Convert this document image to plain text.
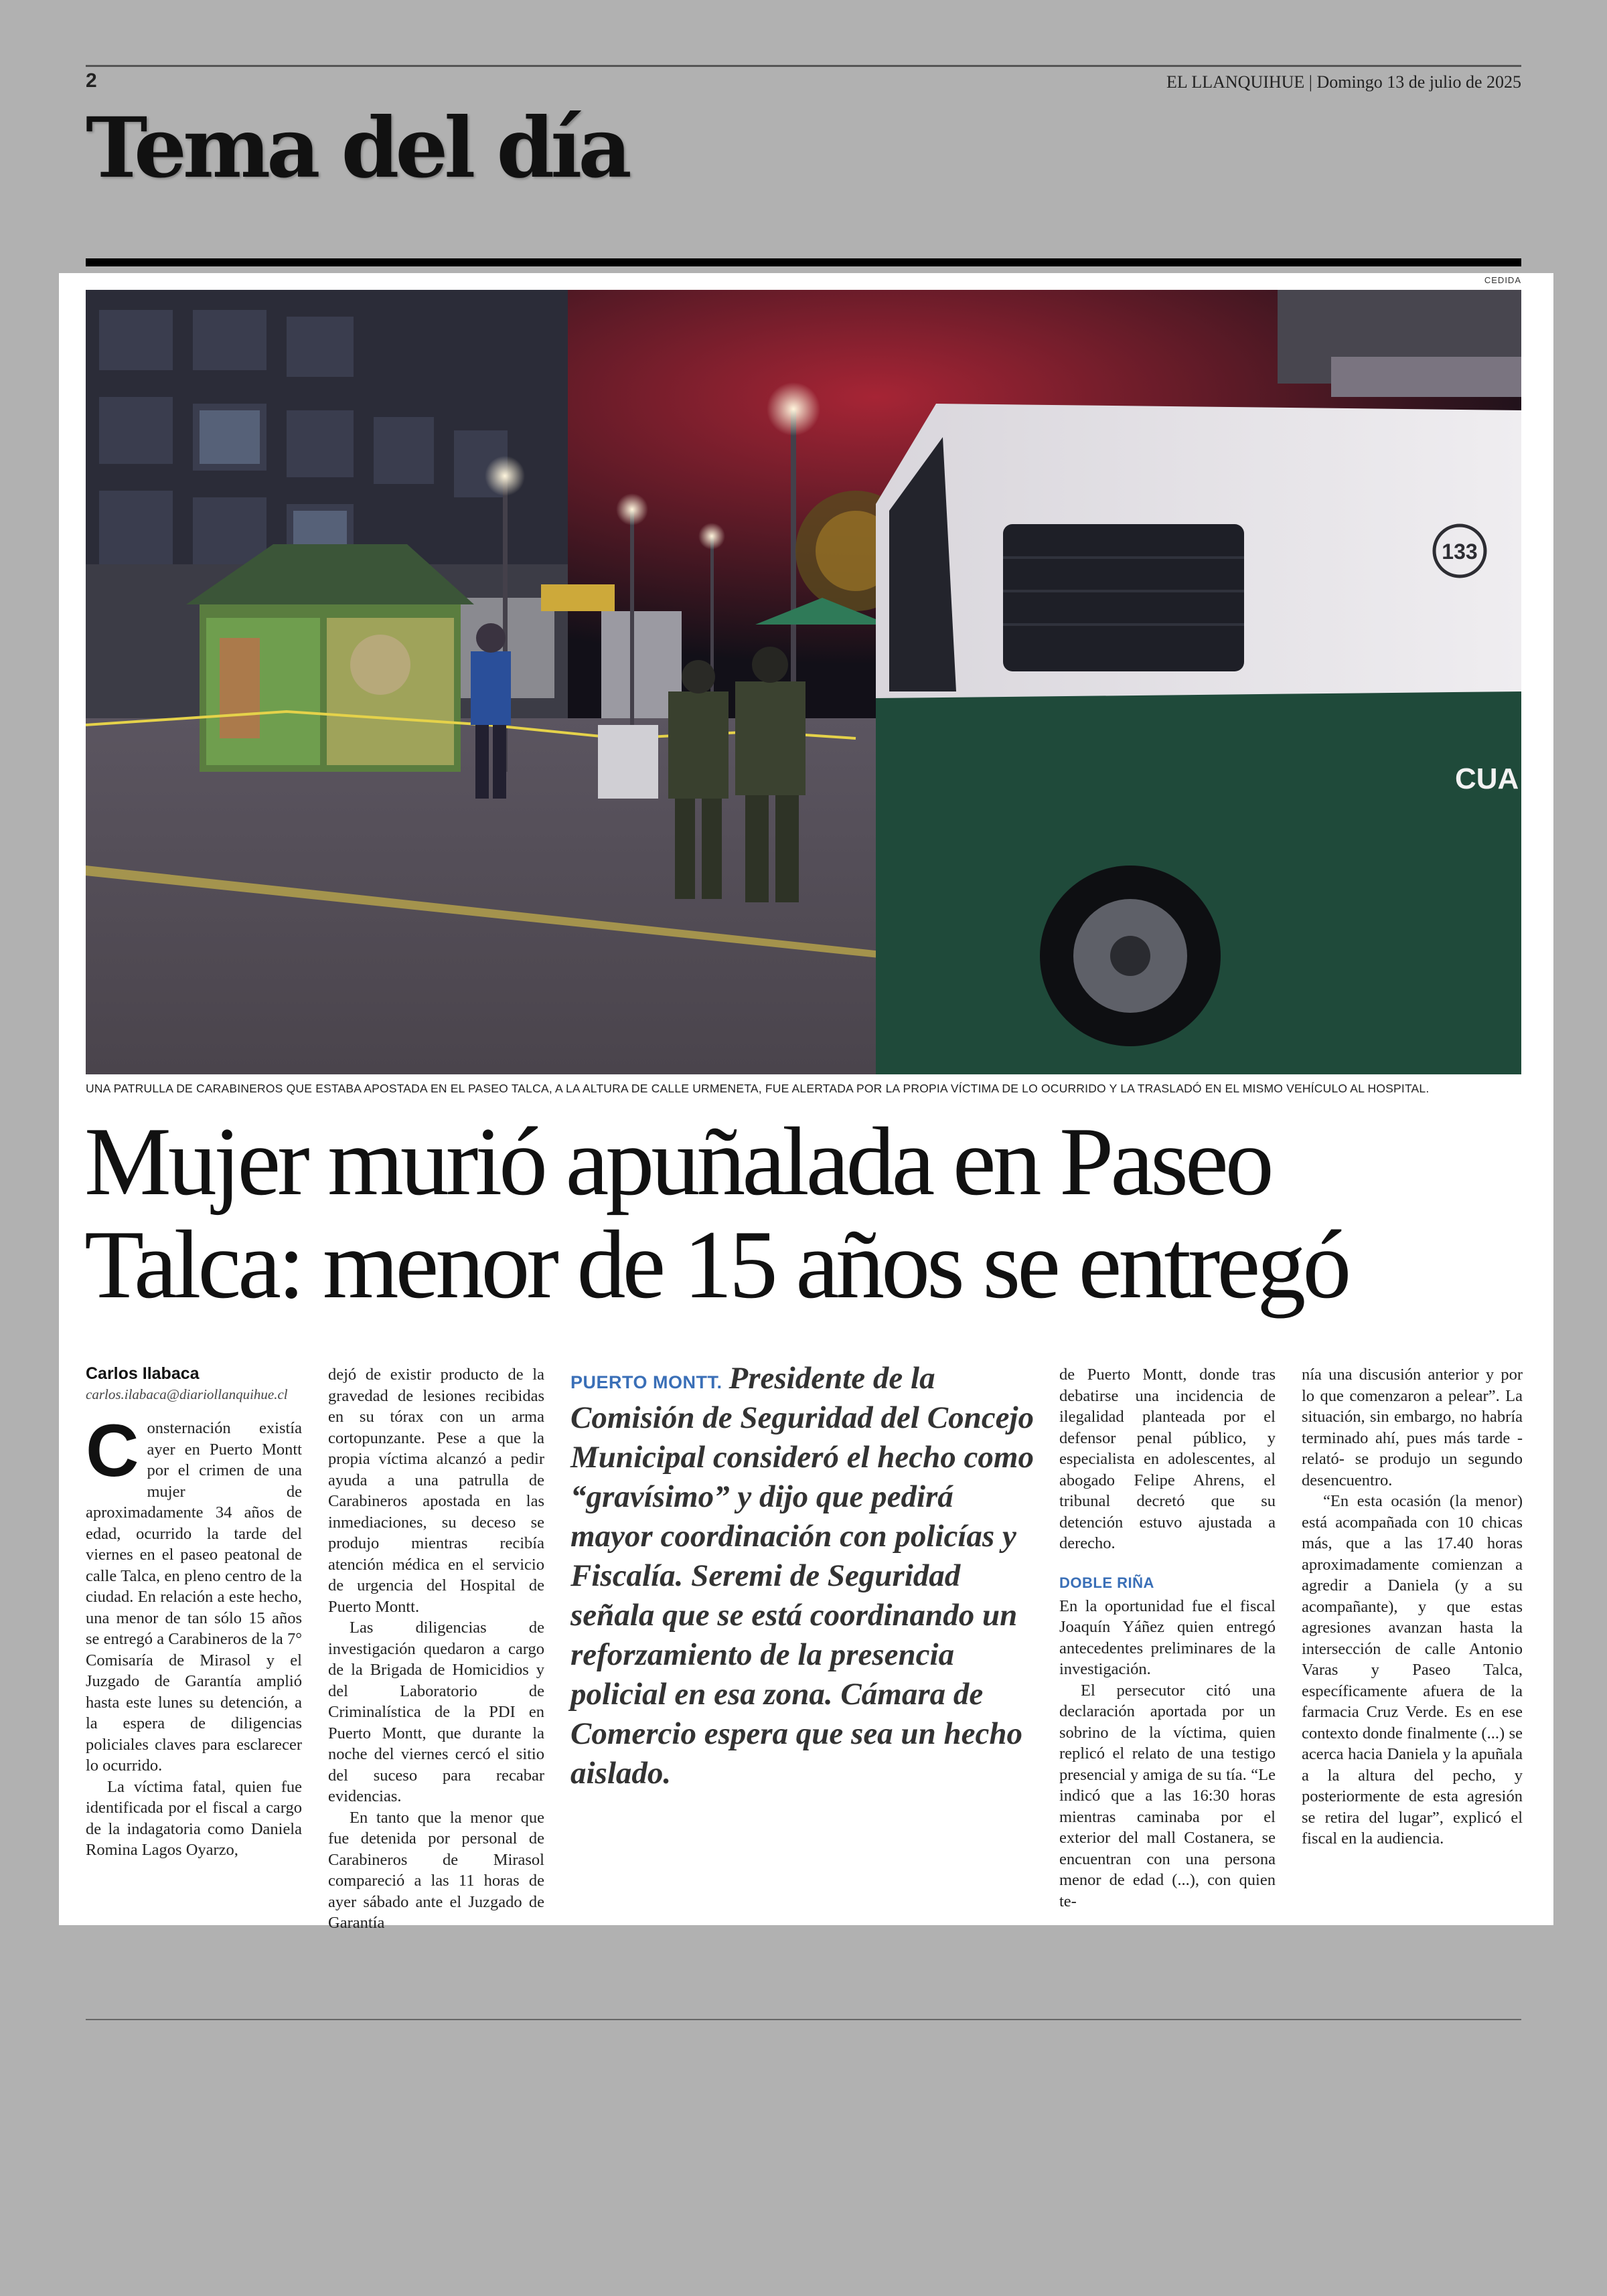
2	EL LLANQUIHUE | Domingo 13 de julio de 2025
Tema del día
CEDIDA
133
CUA
UNA PATRULLA DE CARABINEROS QUE ESTABA APOSTADA EN EL PASEO TALCA, A LA ALTURA DE CALLE URMENETA, FUE ALERTADA POR LA PROPIA VÍCTIMA DE LO OCURRIDO Y LA TRASLADÓ EN EL MISMO VEHÍCULO AL HOSPITAL.
Mujer murió apuñalada en Paseo
Talca: menor de 15 años se entregó
Carlos Ilabaca
carlos.ilabaca@diariollanquihue.cl

Consternación existía ayer en Puerto Montt por el crimen de una mujer de aproximadamente 34 años de edad, ocurrido la tarde del viernes en el paseo peatonal de calle Talca, en pleno centro de la ciudad. En relación a este hecho, una menor de tan sólo 15 años se entregó a Carabineros de la 7° Comisaría de Mirasol y el Juzgado de Garantía amplió hasta este lunes su detención, a la espera de diligencias policiales claves para esclarecer lo ocurrido.

La víctima fatal, quien fue identificada por el fiscal a cargo de la indagatoria como Daniela Romina Lagos Oyarzo,

dejó de existir producto de la gravedad de lesiones recibidas en su tórax con un arma cortopunzante. Pese a que la propia víctima alcanzó a pedir ayuda a una patrulla de Carabineros apostada en las inmediaciones, su deceso se produjo mientras recibía atención médica en el servicio de urgencia del Hospital de Puerto Montt.

Las diligencias de investigación quedaron a cargo de la Brigada de Homicidios y del Laboratorio de Criminalística de la PDI en Puerto Montt, que durante la noche del viernes cercó el sitio del suceso para recabar evidencias.

En tanto que la menor que fue detenida por personal de Carabineros de Mirasol compareció a las 11 horas de ayer sábado ante el Juzgado de Garantía

PUERTO MONTT. Presidente de la Comisión de Seguridad del Concejo Municipal consideró el hecho como “gravísimo” y dijo que pedirá mayor coordinación con policías y Fiscalía. Seremi de Seguridad señala que se está coordinando un reforzamiento de la presencia policial en esa zona. Cámara de Comercio espera que sea un hecho aislado.

de Puerto Montt, donde tras debatirse una incidencia de ilegalidad planteada por el defensor penal público, y especialista en adolescentes, al abogado Felipe Ahrens, el tribunal decretó que su detención estuvo ajustada a derecho.

DOBLE RIÑA

En la oportunidad fue el fiscal Joaquín Yáñez quien entregó antecedentes preliminares de la investigación.

El persecutor citó una declaración aportada por un sobrino de la víctima, quien replicó el relato de una testigo presencial y amiga de su tía. “Le indicó que a las 16:30 horas mientras caminaba por el exterior del mall Costanera, se encuentran con una persona menor de edad (...), con quien te-

nía una discusión anterior y por lo que comenzaron a pelear”. La situación, sin embargo, no habría terminado ahí, pues más tarde -relató- se produjo un segundo desencuentro.

“En esta ocasión (la menor) está acompañada con 10 chicas más, que a las 17.40 horas aproximadamente comienzan a agredir a Daniela (y a su acompañante), y que estas agresiones avanzan hasta la intersección de calle Antonio Varas y Paseo Talca, específicamente afuera de la farmacia Cruz Verde. Es en ese contexto donde finalmente (...) se acerca hacia Daniela y la apuñala a la altura del pecho, y posteriormente de esta agresión se retira del lugar”, explicó el fiscal en la audiencia.
